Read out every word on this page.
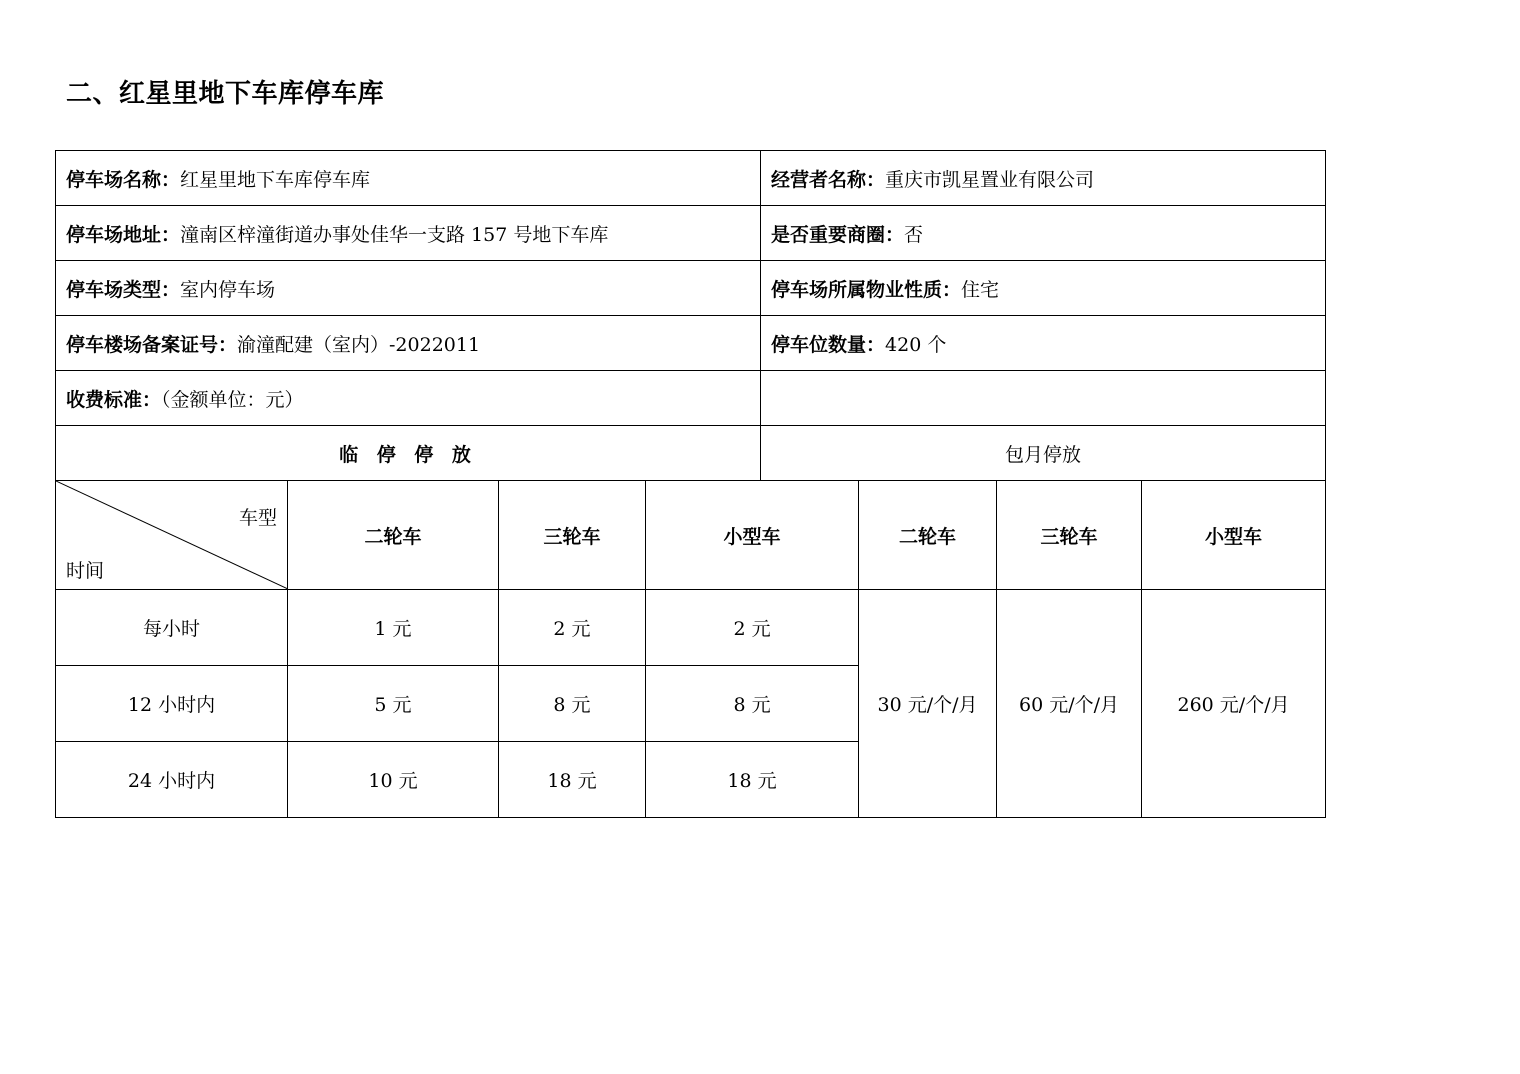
二、红星里地下车库停车库
停车场名称：红星里地下车库停车库				经营者名称：重庆市凯星置业有限公司			
停车场地址：潼南区梓潼街道办事处佳华一支路 157 号地下车库				是否重要商圈：否			
停车场类型：室内停车场				停车场所属物业性质：住宅			
停车楼场备案证号：渝潼配建（室内）-2022011				停车位数量：420 个			
收费标准：（金额单位：元）							
临 停 停 放				包月停放			

车型
时间	二轮车	三轮车	小型车		二轮车	三轮车	小型车
每小时	1 元	2 元	2 元		30 元/个/月	60 元/个/月	260 元/个/月
12 小时内	5 元	8 元	8 元				
24 小时内	10 元	18 元	18 元				
